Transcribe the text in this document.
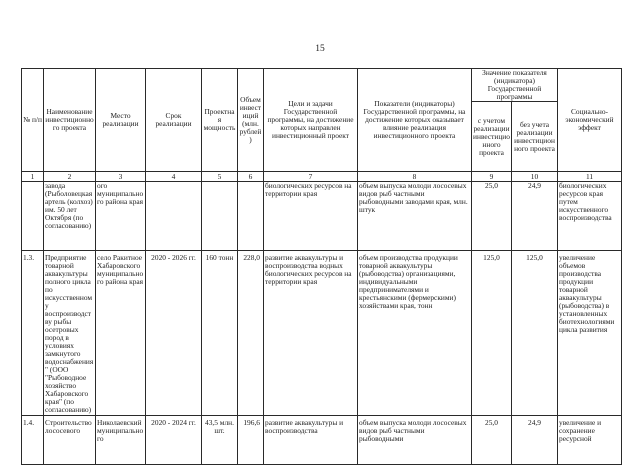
15
№ п/п	Наименование инвестиционного проекта	Место реализации	Срок реализации	Проектная мощность	Объем инвестиций (млн. рублей)	Цели и задачи Государственной программы, на достижение которых направлен инвестиционный проект	Показатели (индикаторы) Государственной программы, на достижение которых оказывает влияние реализация инвестиционного проекта	Значение показателя (индикатора) Государственной программы		Социально-экономический эффект
								с учетом реализации инвестиционного проекта	без учета реализации инвестиционного проекта	
1	2	3	4	5	6	7	8	9	10	11
	завода (Рыболовецкая артель (колхоз) им. 50 лет Октября (по согласованию)	ого муниципального района края				биологических ресурсов на территории края	объем выпуска молоди лососевых видов рыб частными рыбоводными заводами края, млн. штук	25,0	24,9	биологических ресурсов края путем искусственного воспроизводства
1.3.	Предприятие товарной аквакультуры полного цикла по искусственному воспроизводству рыбы осетровых пород в условиях замкнутого водоснабжения" (ООО "Рыбоводное хозяйство Хабаровского края" (по согласованию)	село Ракитное Хабаровского муниципального района края	2020 - 2026 гг.	160 тонн	228,0	развитие аквакультуры и воспроизводства водных биологических ресурсов на территории края	объем производства продукции товарной аквакультуры (рыбоводства) организациями, индивидуальными предпринимателями и крестьянскими (фермерскими) хозяйствами края, тонн	125,0	125,0	увеличение объемов производства продукции товарной аквакультуры (рыбоводства) в установленных биотехнологиями цикла развития
1.4.	Строительство лососевого	Николаевский муниципального	2020 - 2024 гг.	43,5 млн. шт.	196,6	развитие аквакультуры и воспроизводства	объем выпуска молоди лососевых видов рыб частными рыбоводными	25,0	24,9	увеличение и сохранение ресурсной
